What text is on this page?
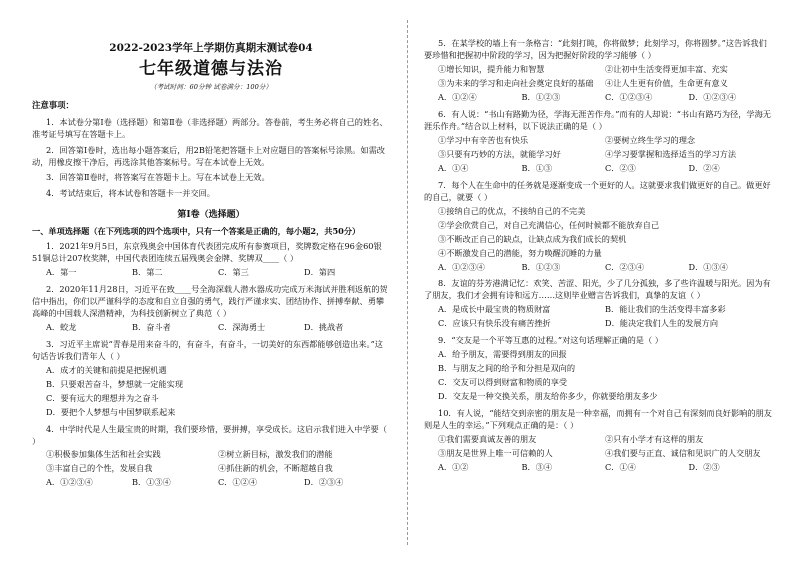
2022-2023学年上学期仿真期末测试卷04
七年级道德与法治
（考试时间：60分钟 试卷满分：100分）
注意事项：
1．本试卷分第Ⅰ卷（选择题）和第Ⅱ卷（非选择题）两部分。答卷前，考生务必将自己的姓名、准考证号填写在答题卡上。
2．回答第Ⅰ卷时，选出每小题答案后，用2B铅笔把答题卡上对应题目的答案标号涂黑。如需改动，用橡皮擦干净后，再选涂其他答案标号。写在本试卷上无效。
3．回答第Ⅱ卷时，将答案写在答题卡上。写在本试卷上无效。
4．考试结束后，将本试卷和答题卡一并交回。
第Ⅰ卷（选择题）
一、单项选择题（在下列选项的四个选项中，只有一个答案是正确的，每小题2，共50分）
1．2021年9月5日，东京残奥会中国体育代表团完成所有参赛项目，奖牌数定格在96金60银51铜总计207枚奖牌，中国代表团连续五届残奥会金牌、奖牌双____（ ）
A．第一	B．第二	C．第三	D．第四
2．2020年11月28日，习近平在致____号全海深载人潜水器成功完成万米海试并胜利返航的贺信中指出，你们以严谨科学的态度和自立自强的勇气，践行严谨求实、团结协作、拼搏奉献、勇攀高峰的中国载人深潜精神，为科技创新树立了典范（ ）
A．蛟龙	B．奋斗者	C．深海勇士	D．挑战者
3．习近平主席说“青春是用来奋斗的，有奋斗，有奋斗，一切美好的东西都能够创造出来。”这句话告诉我们青年人（ ）
A．成才的关键和前提是把握机遇
B．只要艰苦奋斗，梦想就一定能实现
C．要有远大的理想并为之奋斗
D．要把个人梦想与中国梦联系起来
4．中学时代是人生最宝贵的时期，我们要珍惜，要拼搏，享受成长。这启示我们进入中学要（ ）
①积极参加集体生活和社会实践	②树立新目标，激发我们的潜能
③丰富自己的个性，发展自我	④抓住新的机会，不断超越自我
A．①②③④	B．①③④	C．①②④	D．②③④
5．在某学校的墙上有一条格言：“此刻打盹，你将做梦；此刻学习，你将圆梦。”这告诉我们要珍惜和把握初中阶段的学习，因为把握好阶段的学习能够（ ）
①增长知识，提升能力和智慧	②让初中生活变得更加丰富、充实
③为未来的学习和走向社会奠定良好的基础	④让人生更有价值，生命更有意义
A．①②④	B．①②③	C．①②③④	D．①②③④
6．有人说：“书山有路勤为径，学海无涯苦作舟。”而有的人却说：“书山有路巧为径，学海无涯乐作舟。”结合以上材料，以下说法正确的是（ ）
①学习中有辛苦也有快乐	②要树立终生学习的理念
③只要有巧妙的方法，就能学习好	④学习要掌握和选择适当的学习方法
A．①④	B．①③	C．②③	D．②④
7．每个人在生命中的任务就是逐渐变成一个更好的人。这就要求我们做更好的自己。做更好的自己，就要（ ）
①接纳自己的优点，不接纳自己的不完美
②学会欣赏自己，对自己充满信心，任何时候都不能放弃自己
③不断改正自己的缺点，让缺点成为我们成长的契机
④不断激发自己的潜能，努力唤醒沉睡的力量
A．①②③④	B．①②③	C．②③④	D．①③④
8．友谊的芬芳港满记忆：欢笑、苦涩、阳光，少了几分孤独，多了些许温暖与阳光。因为有了朋友，我们才会拥有诗和远方……这则毕业赠言告诉我们，真挚的友谊（ ）
A．是成长中最宝贵的物质财富	B．能让我们的生活变得丰富多彩
C．应该只有快乐没有痛苦挫折	D．能决定我们人生的发展方向
9．“交友是一个平等互惠的过程。”对这句话理解正确的是（ ）
A．给予朋友，需要得到朋友的回报
B．与朋友之间的给予和分担是双向的
C．交友可以得到财富和物质的享受
D．交友是一种交换关系，朋友给你多少，你就要给朋友多少
10．有人说，“能结交到亲密的朋友是一种幸福，而拥有一个对自己有深刻而良好影响的朋友则是人生的幸运。”下列观点正确的是：（ ）
①我们需要真诚友善的朋友	②只有小学才有这样的朋友
③朋友是世界上唯一可信赖的人	④我们要与正直、诚信和见识广的人交朋友
A．①②	B．③④	C．①④	D．②③
